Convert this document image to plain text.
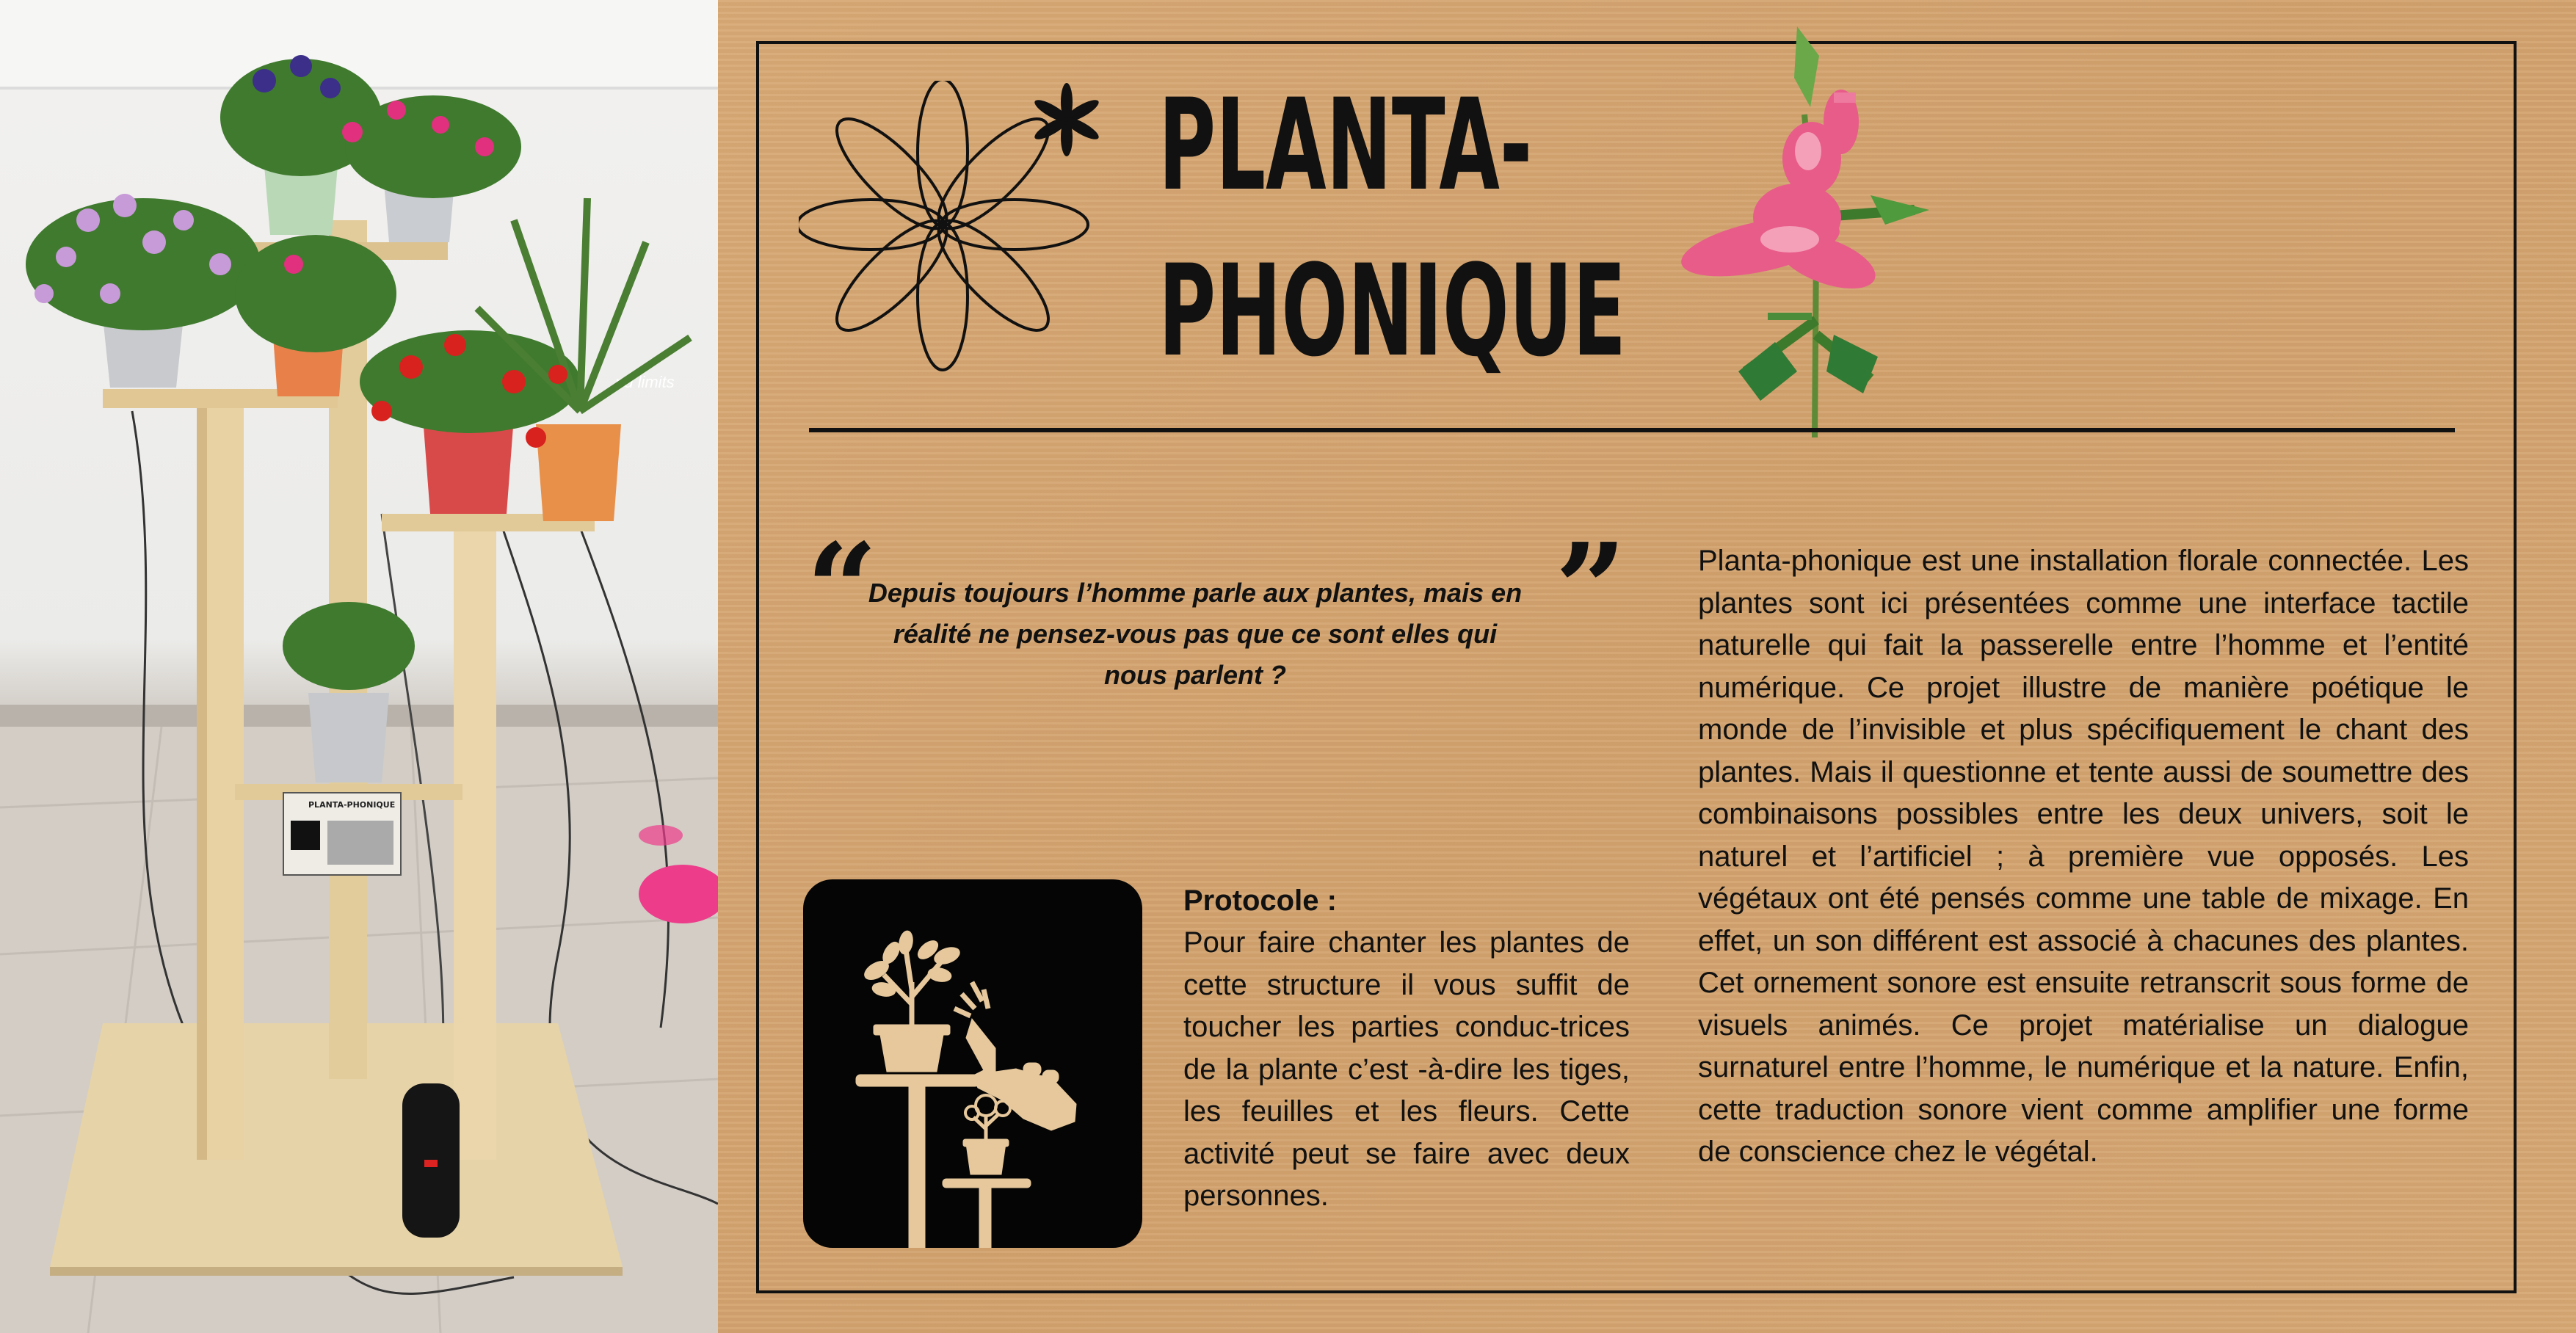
nd limits
PLANTA-PHONIQUE
PLANTA-
PHONIQUE
“

Depuis toujours l’homme parle aux plantes, mais en réalité ne pensez-vous pas que ce sont elles qui nous parlent ?

”

Protocole :

Pour faire chanter les plantes de cette structure il vous suffit de toucher les parties conduc-trices de la plante c’est -à-dire les tiges, les feuilles et les fleurs. Cette activité peut se faire avec deux personnes.

Planta-phonique est une installation florale connectée. Les plantes sont ici présentées comme une interface tactile naturelle qui fait la passerelle entre l’homme et l’entité numérique. Ce projet illustre de manière poétique le monde de l’invisible et plus spécifiquement le chant des plantes. Mais il questionne et tente aussi de soumettre des combinaisons possibles entre les deux univers, soit le naturel et l’artificiel ; à première vue opposés. Les végétaux ont été pensés comme une table de mixage. En effet, un son différent est associé à chacunes des plantes. Cet ornement sonore est ensuite retranscrit sous forme de visuels animés. Ce projet matérialise un dialogue surnaturel entre l’homme, le numérique et la nature. Enfin, cette traduction sonore vient comme amplifier une forme de conscience chez le végétal.
